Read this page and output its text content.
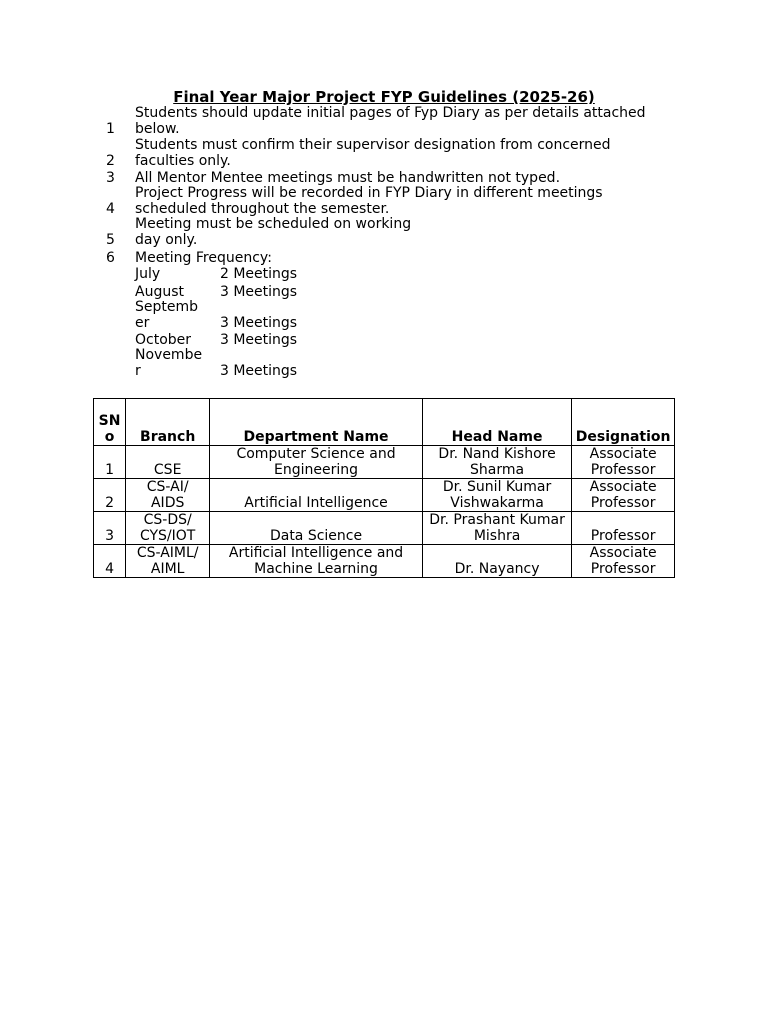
Final Year Major Project FYP Guidelines (2025-26)
Students should update initial pages of Fyp Diary as per details attached
1	below.
Students must confirm their supervisor designation from concerned
2	faculties only.
3	All Mentor Mentee meetings must be handwritten not typed.
Project Progress will be recorded in FYP Diary in different meetings
4	scheduled throughout the semester.
Meeting must be scheduled on working
5	day only.
6	Meeting Frequency:
July	2 Meetings
August	3 Meetings
September	3 Meetings
October	3 Meetings
November	3 Meetings
SNo	Branch	Department Name	Head Name	Designation
1	CSE	Computer Science and Engineering	Dr. Nand Kishore Sharma	Associate Professor
2	CS-AI/ AIDS	Artificial Intelligence	Dr. Sunil Kumar Vishwakarma	Associate Professor
3	CS-DS/ CYS/IOT	Data Science	Dr. Prashant Kumar Mishra	Professor
4	CS-AIML/ AIML	Artificial Intelligence and Machine Learning	Dr. Nayancy	Associate Professor
